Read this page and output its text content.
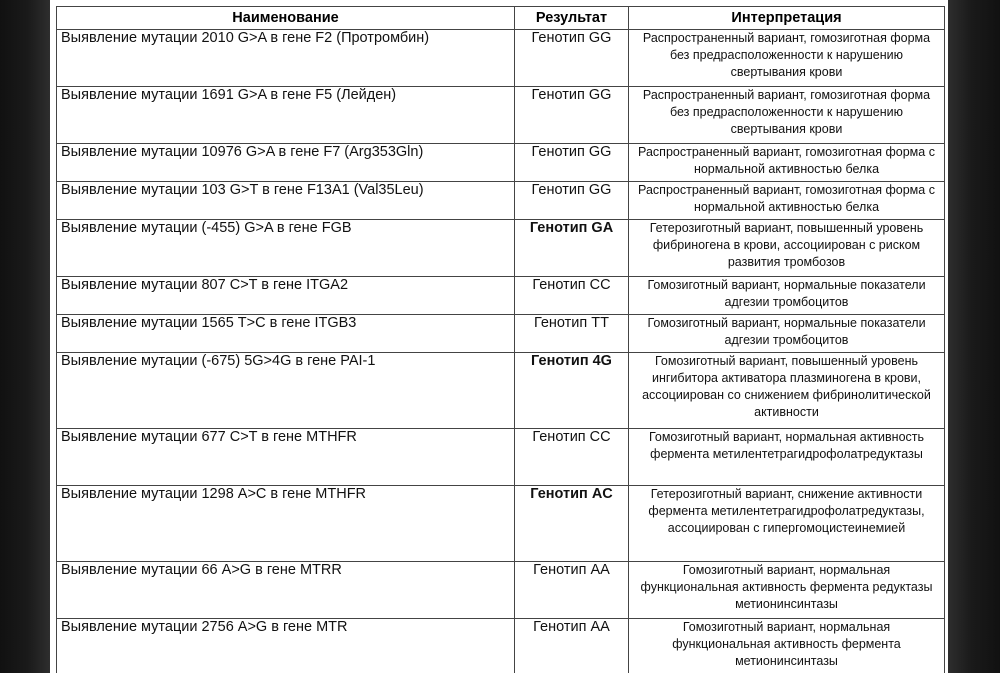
Наименование	Результат	Интерпретация
Выявление мутации 2010 G>A в гене F2 (Протромбин)	Генотип GG	Распространенный вариант, гомозиготная форма без предрасположенности к нарушению свертывания крови
Выявление мутации 1691 G>A в гене F5 (Лейден)	Генотип GG	Распространенный вариант, гомозиготная форма без предрасположенности к нарушению свертывания крови
Выявление мутации 10976 G>A в гене F7 (Arg353Gln)	Генотип GG	Распространенный вариант, гомозиготная форма с нормальной активностью белка
Выявление мутации 103 G>T в гене F13A1 (Val35Leu)	Генотип GG	Распространенный вариант, гомозиготная форма с нормальной активностью белка
Выявление мутации (-455) G>A в гене FGB	Генотип GA	Гетерозиготный вариант, повышенный уровень фибриногена в крови, ассоциирован с риском развития тромбозов
Выявление мутации 807 C>T в гене ITGA2	Генотип CC	Гомозиготный вариант, нормальные показатели адгезии тромбоцитов
Выявление мутации 1565 T>C в гене ITGB3	Генотип TT	Гомозиготный вариант, нормальные показатели адгезии тромбоцитов
Выявление мутации (-675) 5G>4G в гене PAI-1	Генотип 4G	Гомозиготный вариант, повышенный уровень ингибитора активатора плазминогена в крови, ассоциирован со снижением фибринолитической активности
Выявление мутации 677 C>T в гене MTHFR	Генотип CC	Гомозиготный вариант, нормальная активность фермента метилентетрагидрофолатредуктазы
Выявление мутации 1298 A>C в гене MTHFR	Генотип AC	Гетерозиготный вариант, снижение активности фермента метилентетрагидрофолатредуктазы, ассоциирован с гипергомоцистеинемией
Выявление мутации 66 A>G в гене MTRR	Генотип AA	Гомозиготный вариант, нормальная функциональная активность фермента редуктазы метионинсинтазы
Выявление мутации 2756 A>G в гене MTR	Генотип AA	Гомозиготный вариант, нормальная функциональная активность фермента метионинсинтазы
